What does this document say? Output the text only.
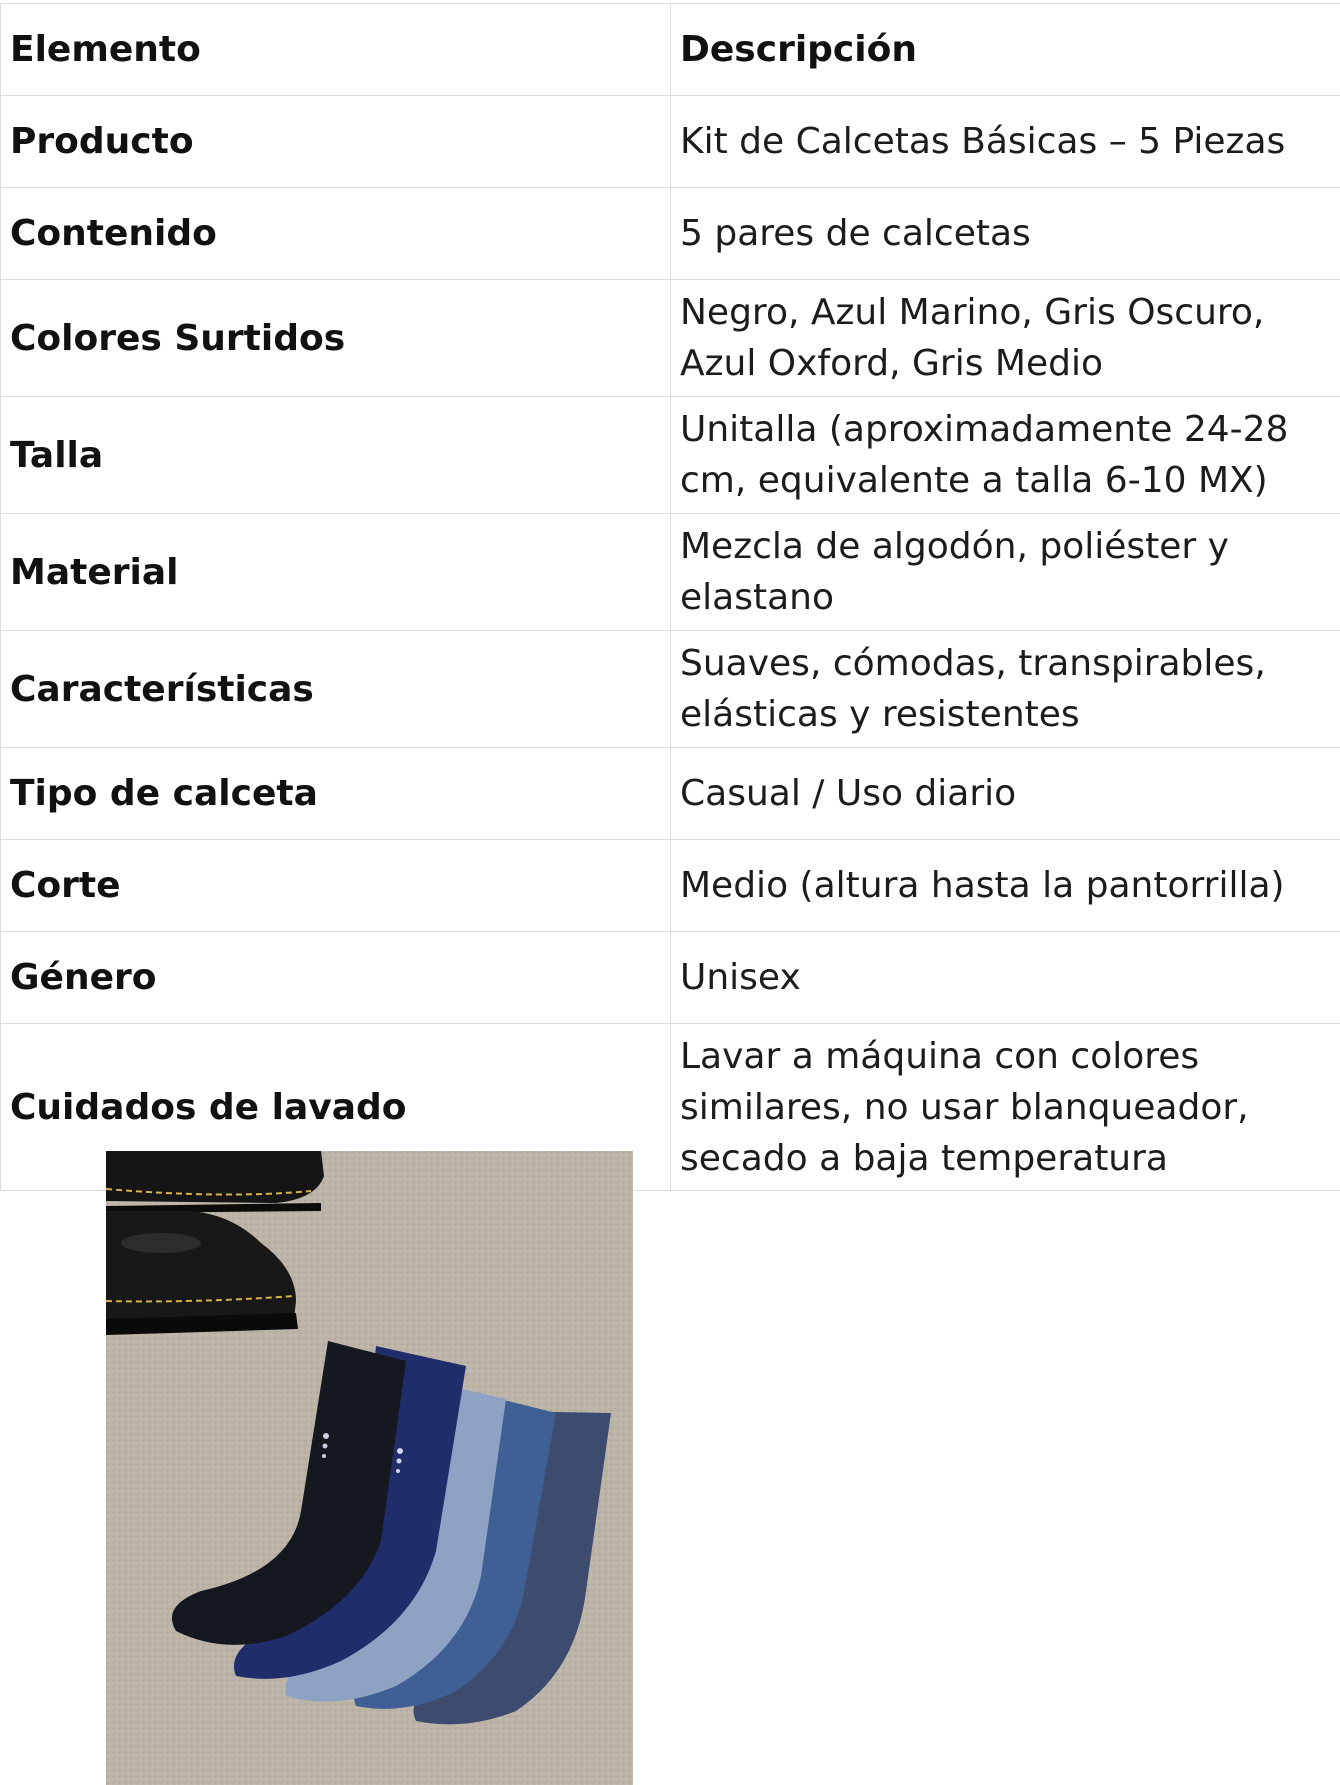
Elemento	Descripción
Producto	Kit de Calcetas Básicas – 5 Piezas
Contenido	5 pares de calcetas
Colores Surtidos	Negro, Azul Marino, Gris Oscuro, Azul Oxford, Gris Medio
Talla	Unitalla (aproximadamente 24-28 cm, equivalente a talla 6-10 MX)
Material	Mezcla de algodón, poliéster y elastano
Características	Suaves, cómodas, transpirables, elásticas y resistentes
Tipo de calceta	Casual / Uso diario
Corte	Medio (altura hasta la pantorrilla)
Género	Unisex
Cuidados de lavado	Lavar a máquina con colores similares, no usar blanqueador, secado a baja temperatura
